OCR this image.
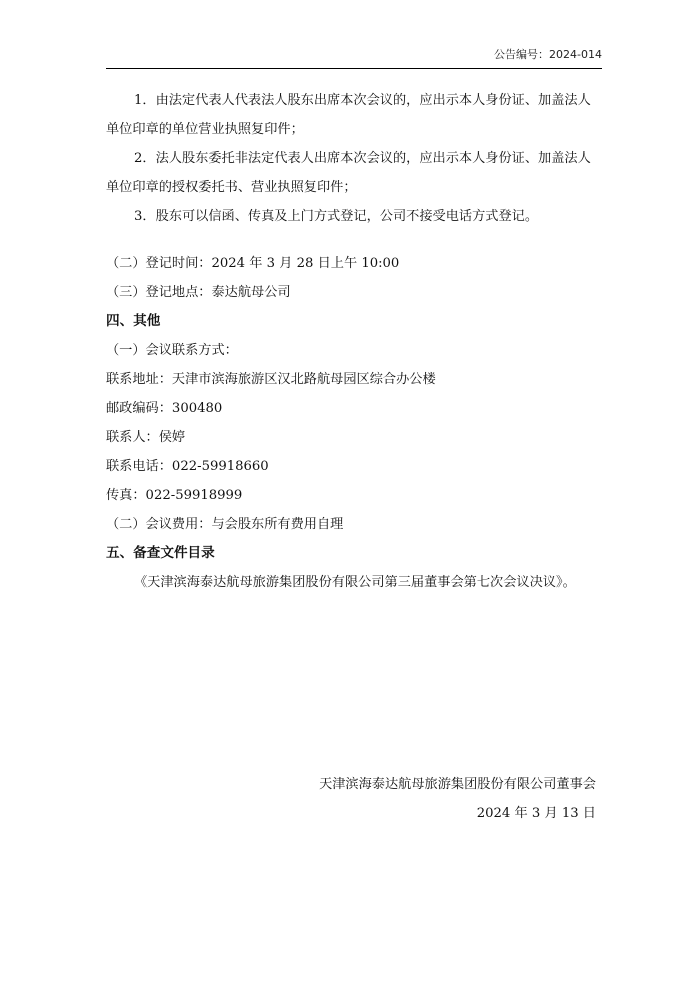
公告编号：2024-014

1．由法定代表人代表法人股东出席本次会议的，应出示本人身份证、加盖法人单位印章的单位营业执照复印件；

2．法人股东委托非法定代表人出席本次会议的，应出示本人身份证、加盖法人单位印章的授权委托书、营业执照复印件；

3．股东可以信函、传真及上门方式登记，公司不接受电话方式登记。

（二）登记时间：2024 年 3 月 28 日上午 10:00

（三）登记地点：泰达航母公司

四、其他

（一）会议联系方式：

联系地址：天津市滨海旅游区汉北路航母园区综合办公楼

邮政编码：300480

联系人：侯婷

联系电话：022-59918660

传真：022-59918999

（二）会议费用：与会股东所有费用自理

五、备查文件目录

《天津滨海泰达航母旅游集团股份有限公司第三届董事会第七次会议决议》。

天津滨海泰达航母旅游集团股份有限公司董事会
2024 年 3 月 13 日
